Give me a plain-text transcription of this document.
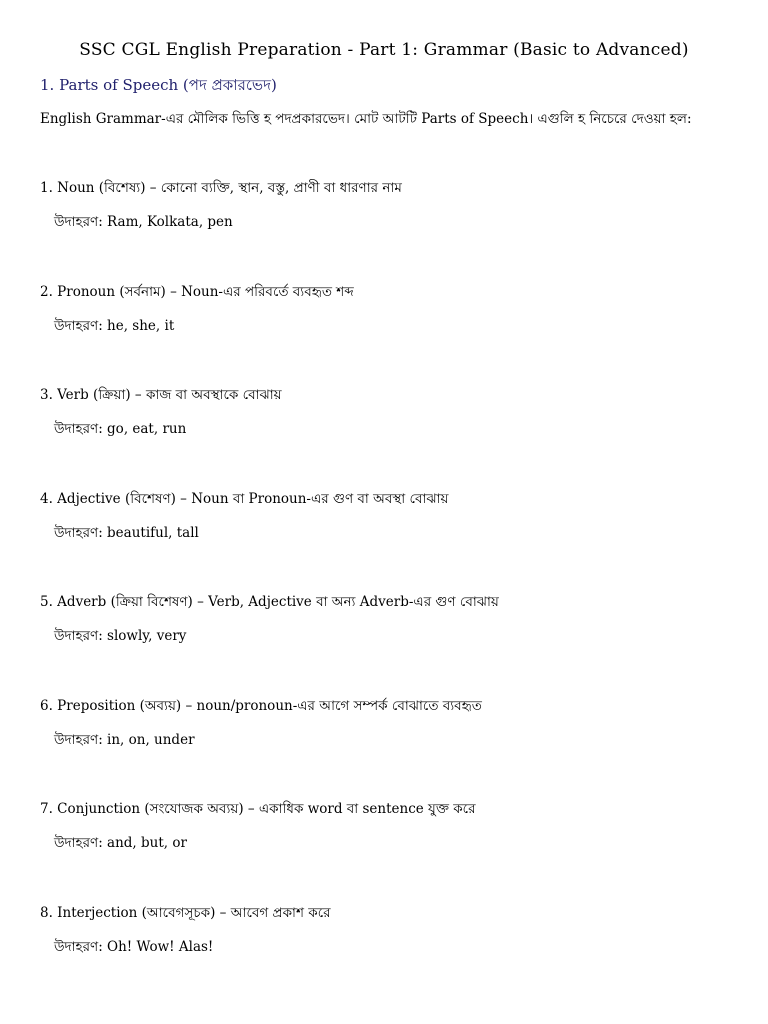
SSC CGL English Preparation - Part 1: Grammar (Basic to Advanced)
1. Parts of Speech (পদ প্রকারভেদ)
English Grammar-এর মৌলিক ভিত্তি হ পদপ্রকারভেদ। মোট আটটি Parts of Speech। এগুলি হ নিচেরে দেওয়া হল:
1. Noun (বিশেষ্য) – কোনো ব্যক্তি, স্থান, বস্তু, প্রাণী বা ধারণার নাম
উদাহরণ: Ram, Kolkata, pen
2. Pronoun (সর্বনাম) – Noun-এর পরিবর্তে ব্যবহৃত শব্দ
উদাহরণ: he, she, it
3. Verb (ক্রিয়া) – কাজ বা অবস্থাকে বোঝায়
উদাহরণ: go, eat, run
4. Adjective (বিশেষণ) – Noun বা Pronoun-এর গুণ বা অবস্থা বোঝায়
উদাহরণ: beautiful, tall
5. Adverb (ক্রিয়া বিশেষণ) – Verb, Adjective বা অন্য Adverb-এর গুণ বোঝায়
উদাহরণ: slowly, very
6. Preposition (অব্যয়) – noun/pronoun-এর আগে সম্পর্ক বোঝাতে ব্যবহৃত
উদাহরণ: in, on, under
7. Conjunction (সংযোজক অব্যয়) – একাধিক word বা sentence যুক্ত করে
উদাহরণ: and, but, or
8. Interjection (আবেগসূচক) – আবেগ প্রকাশ করে
উদাহরণ: Oh! Wow! Alas!
